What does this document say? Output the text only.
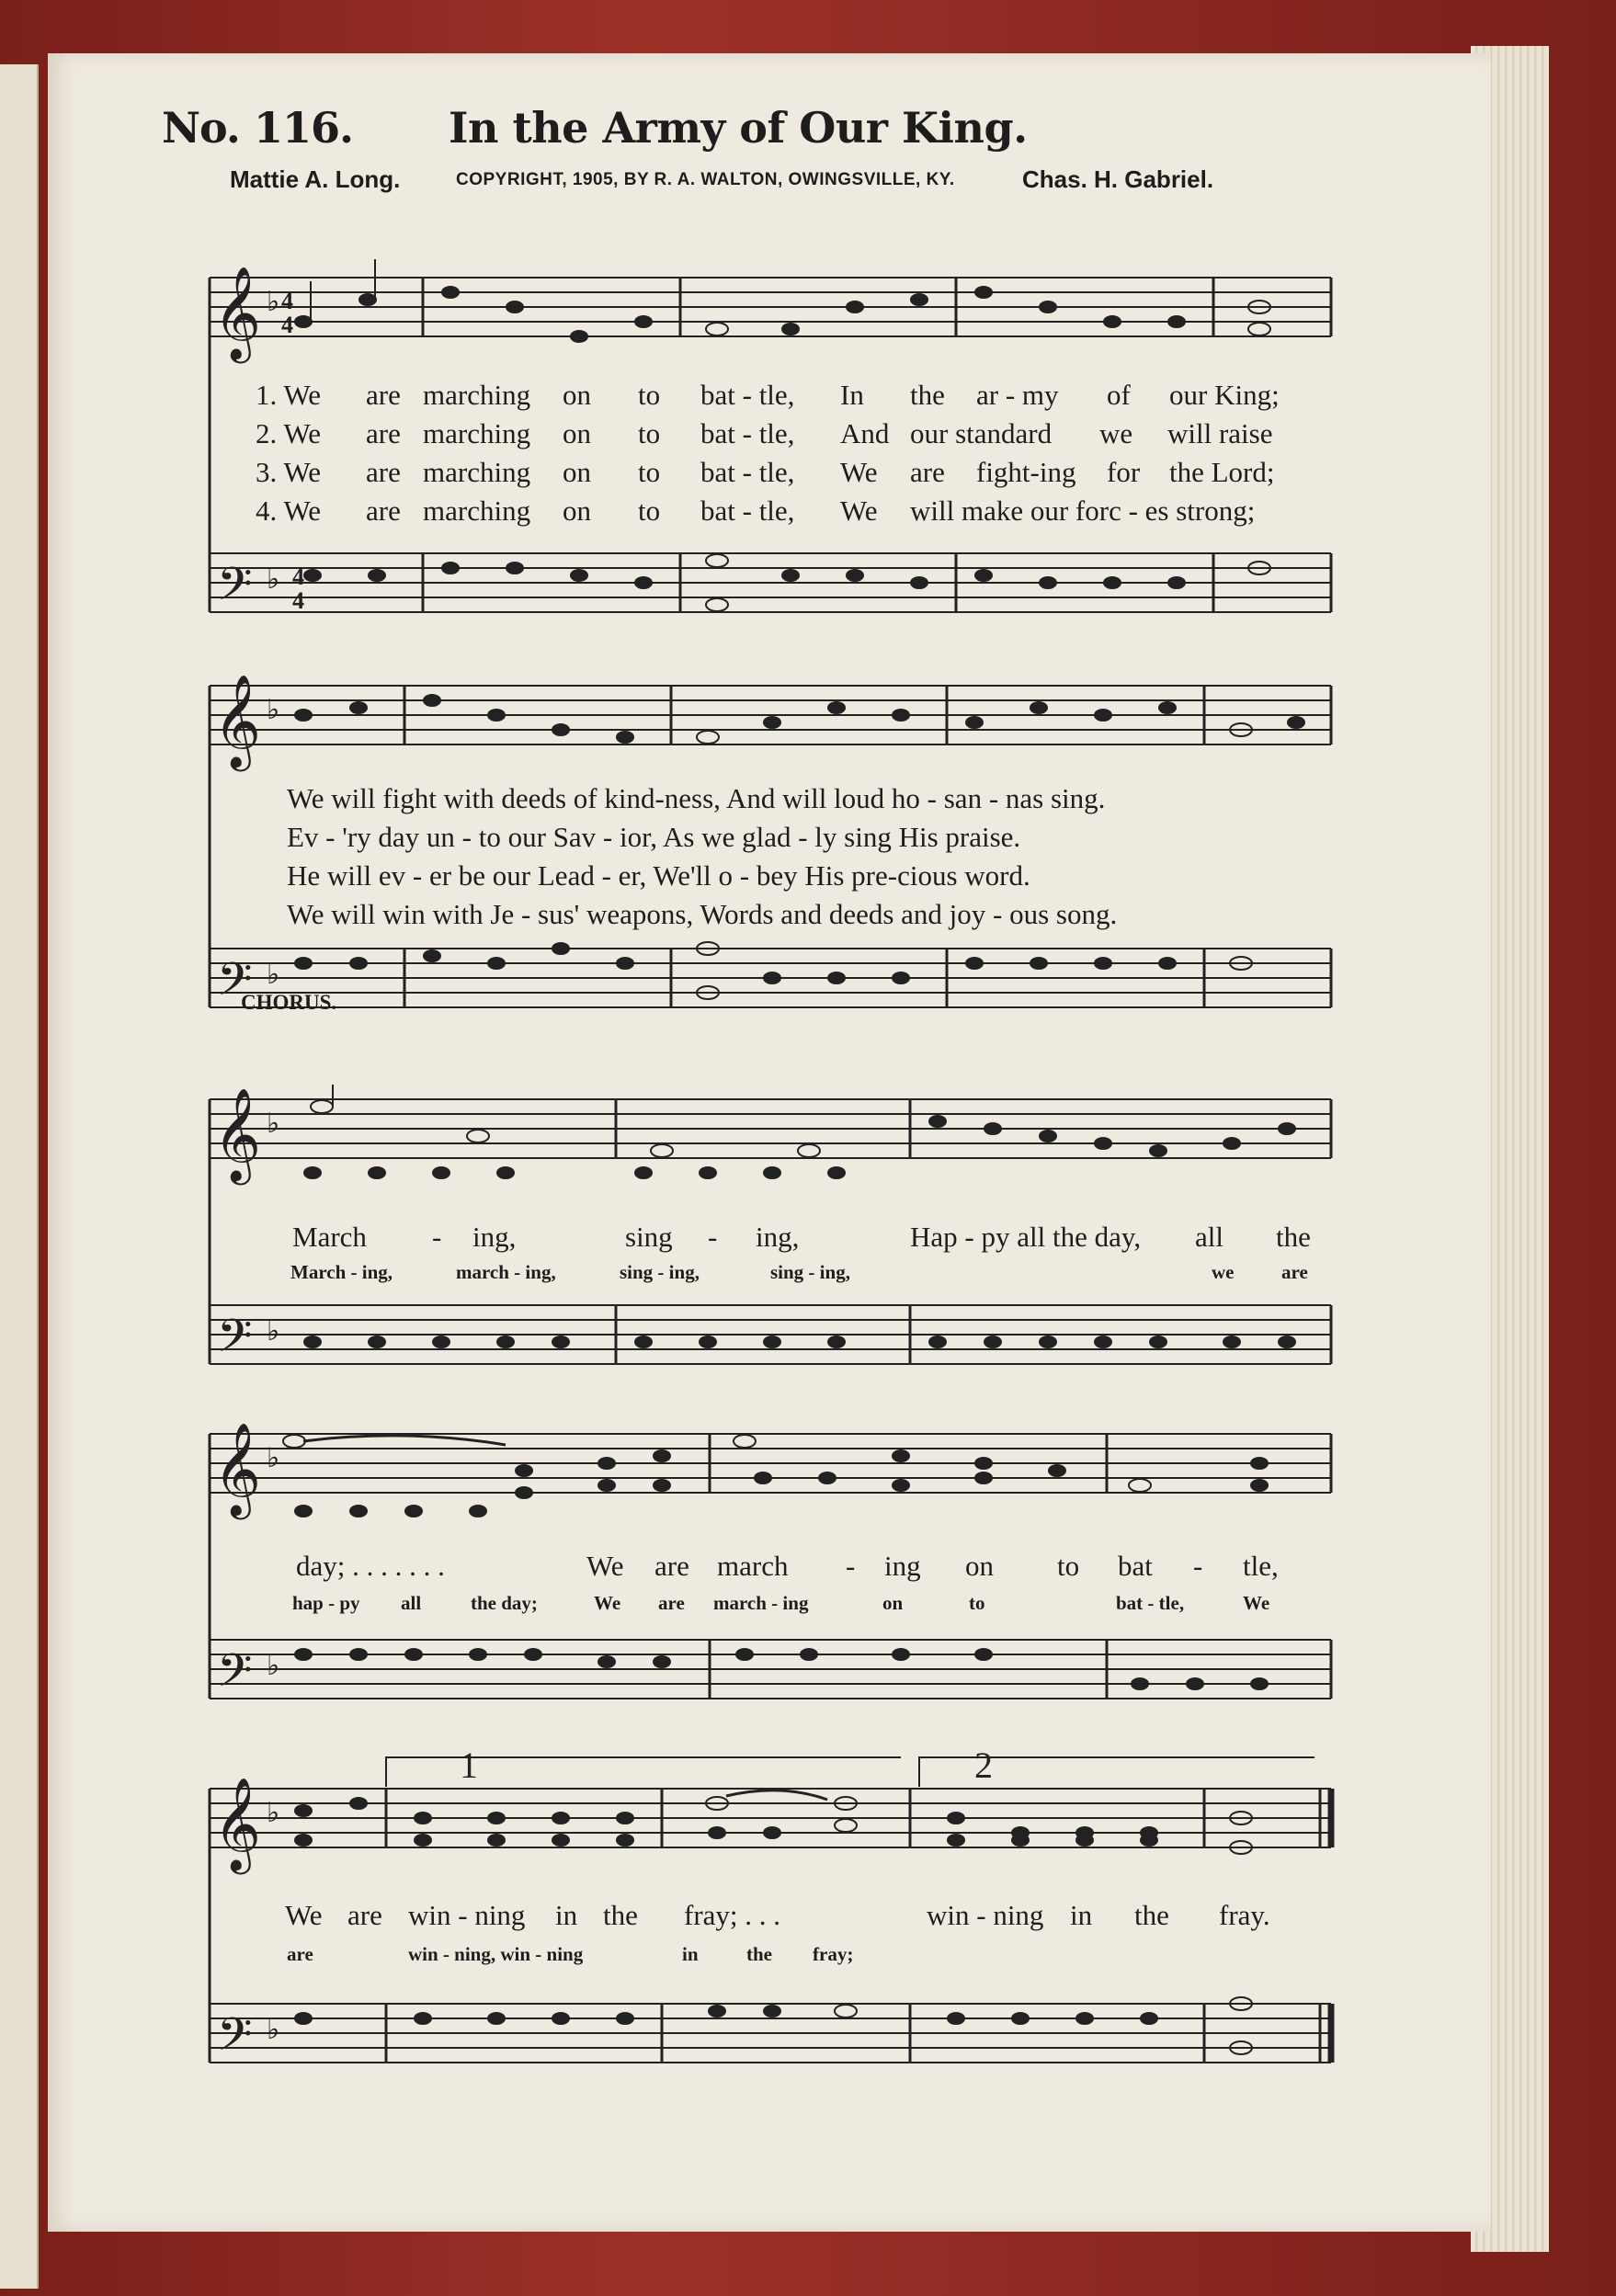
No. 116. In the Army of Our King.
Mattie A. Long.	COPYRIGHT, 1905, BY R. A. WALTON, OWINGSVILLE, KY.	Chas. H. Gabriel.
𝄞
𝄢
♭
♭
4
4
4
4
1. We are marching on to bat - tle, In the ar - my of our King;
2. We are marching on to bat - tle, And our standard we will raise
3. We are marching on to bat - tle, We are fight-ing for the Lord;
4. We are marching on to bat - tle, We will make our forc - es strong;
𝄞
𝄢
♭
♭
We will fight with deeds of kind-ness, And will loud ho - san - nas sing.
Ev - 'ry day un - to our Sav - ior, As we glad - ly sing His praise.
He will ev - er be our Lead - er, We'll o - bey His pre-cious word.
We will win with Je - sus' weapons, Words and deeds and joy - ous song.
CHORUS.
𝄞
𝄢
♭
♭
March - ing,	sing - ing,	Hap - py all the day, all the
March - ing,	march - ing,	sing - ing,	sing - ing,	we are
𝄞
𝄢
♭
♭
day; . . . . . . .	We are march - ing on to bat - tle,
hap - py all	the day;	We are march - ing	on	to	bat - tle,	We
1	2
𝄞
𝄢
♭
♭
We are win - ning in the fray; . . .	win - ning in the fray.
are	win - ning, win - ning	in the fray;
